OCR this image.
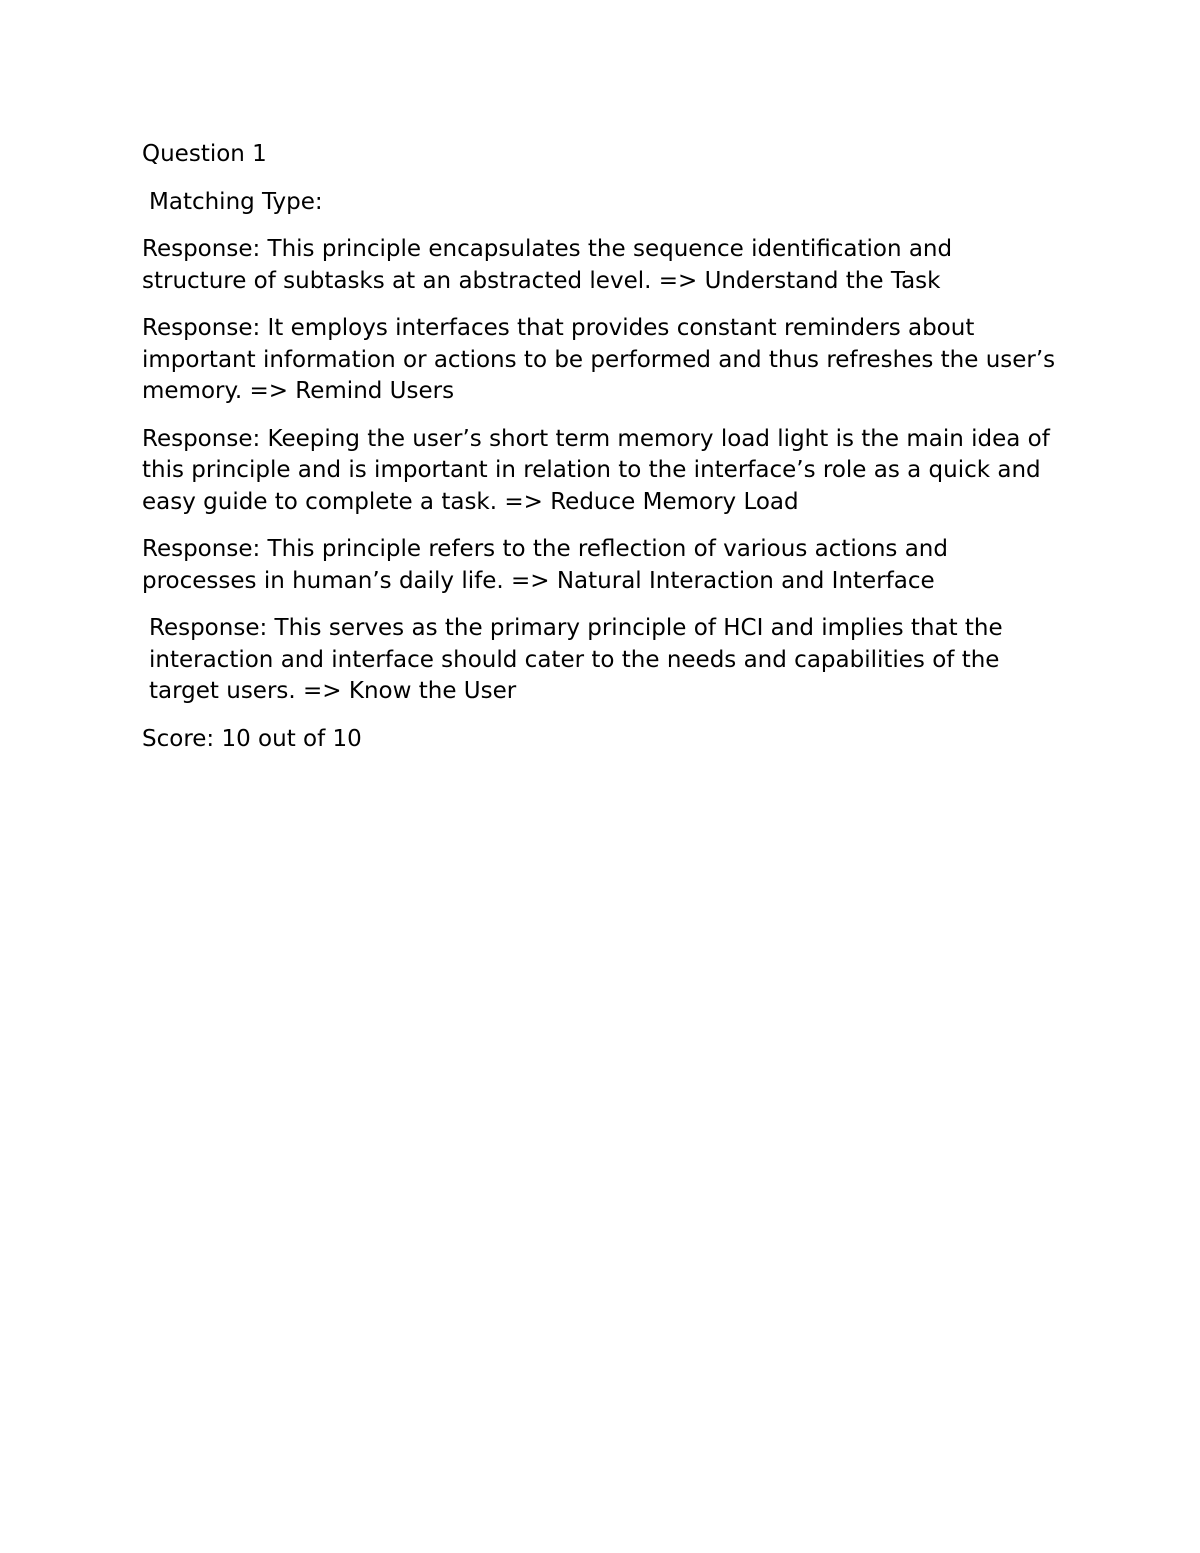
Question 1

Matching Type:

Response: This principle encapsulates the sequence identification and structure of subtasks at an abstracted level. => Understand the Task

Response: It employs interfaces that provides constant reminders about important information or actions to be performed and thus refreshes the user’s memory. => Remind Users

Response: Keeping the user’s short term memory load light is the main idea of this principle and is important in relation to the interface’s role as a quick and easy guide to complete a task. => Reduce Memory Load

Response: This principle refers to the reflection of various actions and processes in human’s daily life. => Natural Interaction and Interface

Response: This serves as the primary principle of HCI and implies that the interaction and interface should cater to the needs and capabilities of the target users. => Know the User

Score: 10 out of 10
